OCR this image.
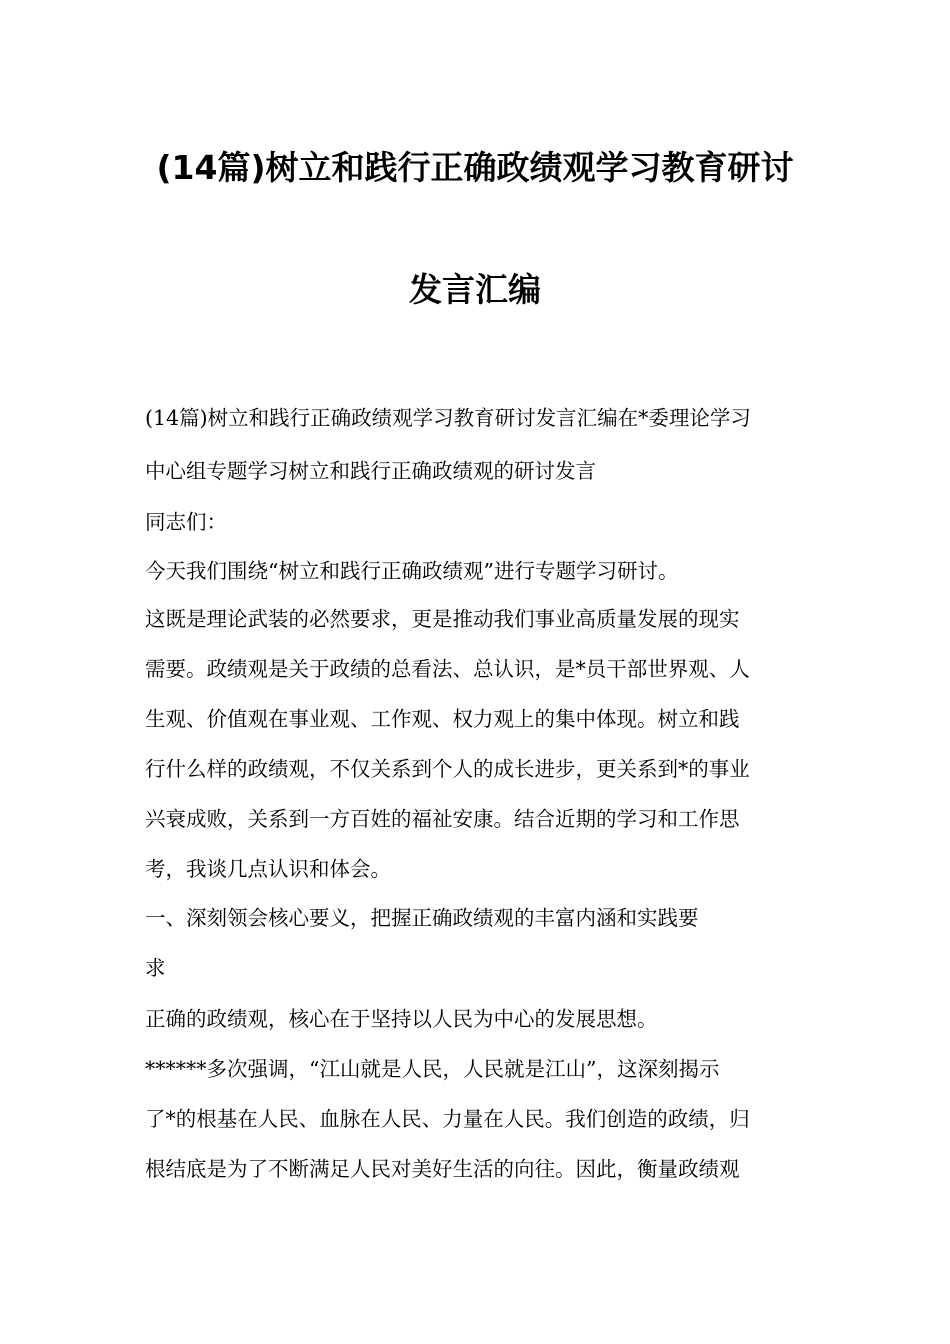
(14篇)树立和践行正确政绩观学习教育研讨
发言汇编
(14篇)树立和践行正确政绩观学习教育研讨发言汇编在*委理论学习
中心组专题学习树立和践行正确政绩观的研讨发言
同志们：
今天我们围绕“树立和践行正确政绩观”进行专题学习研讨。
这既是理论武装的必然要求，更是推动我们事业高质量发展的现实
需要。政绩观是关于政绩的总看法、总认识，是*员干部世界观、人
生观、价值观在事业观、工作观、权力观上的集中体现。树立和践
行什么样的政绩观，不仅关系到个人的成长进步，更关系到*的事业
兴衰成败，关系到一方百姓的福祉安康。结合近期的学习和工作思
考，我谈几点认识和体会。
一、深刻领会核心要义，把握正确政绩观的丰富内涵和实践要
求
正确的政绩观，核心在于坚持以人民为中心的发展思想。
******多次强调，“江山就是人民，人民就是江山”，这深刻揭示
了*的根基在人民、血脉在人民、力量在人民。我们创造的政绩，归
根结底是为了不断满足人民对美好生活的向往。因此，衡量政绩观
